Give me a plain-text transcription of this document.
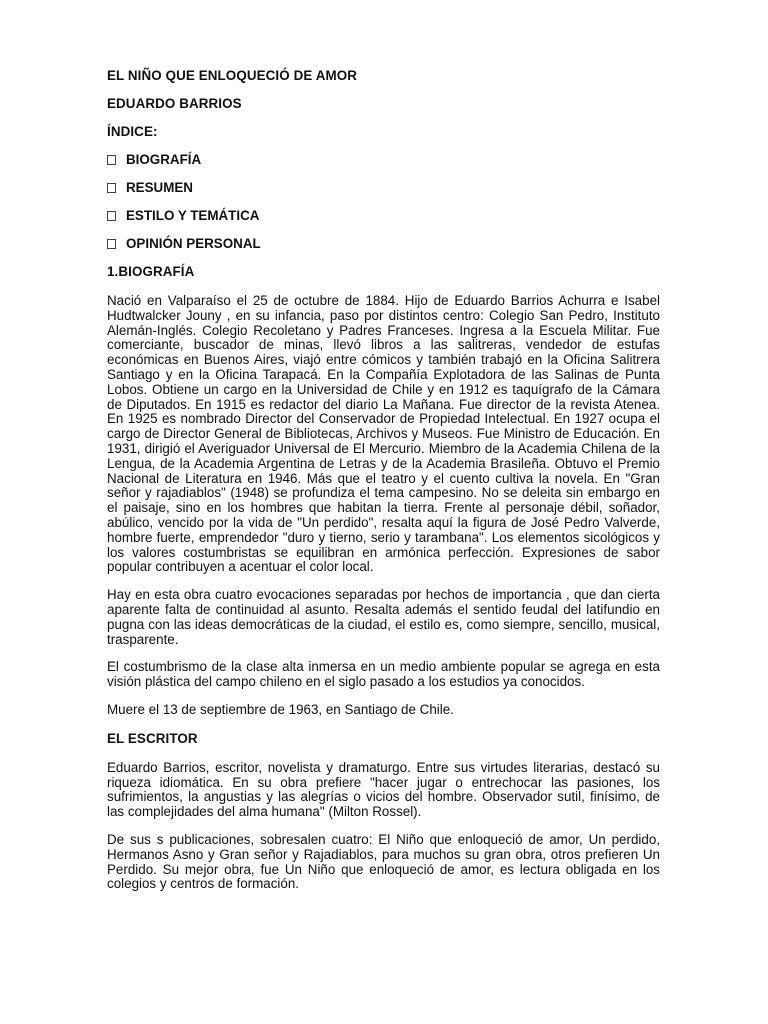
EL NIÑO QUE ENLOQUECIÓ DE AMOR
EDUARDO BARRIOS
ÍNDICE:
BIOGRAFÍA
RESUMEN
ESTILO Y TEMÁTICA
OPINIÓN PERSONAL
1.BIOGRAFÍA

Nació en Valparaíso el 25 de octubre de 1884. Hijo de Eduardo Barrios Achurra e Isabel Hudtwalcker Jouny , en su infancia, paso por distintos centro: Colegio San Pedro, Instituto Alemán-Inglés. Colegio Recoletano y Padres Franceses. Ingresa a la Escuela Militar. Fue comerciante, buscador de minas, llevó libros a las salitreras, vendedor de estufas económicas en Buenos Aires, viajó entre cómicos y también trabajó en la Oficina Salitrera Santiago y en la Oficina Tarapacá. En la Compañía Explotadora de las Salinas de Punta Lobos. Obtiene un cargo en la Universidad de Chile y en 1912 es taquígrafo de la Cámara de Diputados. En 1915 es redactor del diario La Mañana. Fue director de la revista Atenea. En 1925 es nombrado Director del Conservador de Propiedad Intelectual. En 1927 ocupa el cargo de Director General de Bibliotecas, Archivos y Museos. Fue Ministro de Educación. En 1931, dirigió el Averiguador Universal de El Mercurio. Miembro de la Academia Chilena de la Lengua, de la Academia Argentina de Letras y de la Academia Brasileña. Obtuvo el Premio Nacional de Literatura en 1946. Más que el teatro y el cuento cultiva la novela. En "Gran señor y rajadiablos" (1948) se profundiza el tema campesino. No se deleita sin embargo en el paisaje, sino en los hombres que habitan la tierra. Frente al personaje débil, soñador, abúlico, vencido por la vida de "Un perdido", resalta aquí la figura de José Pedro Valverde, hombre fuerte, emprendedor "duro y tierno, serio y tarambana". Los elementos sicológicos y los valores costumbristas se equilibran en armónica perfección. Expresiones de sabor popular contribuyen a acentuar el color local.

Hay en esta obra cuatro evocaciones separadas por hechos de importancia , que dan cierta aparente falta de continuidad al asunto. Resalta además el sentido feudal del latifundio en pugna con las ideas democráticas de la ciudad, el estilo es, como siempre, sencillo, musical, trasparente.

El costumbrismo de la clase alta inmersa en un medio ambiente popular se agrega en esta visión plástica del campo chileno en el siglo pasado a los estudios ya conocidos.

Muere el 13 de septiembre de 1963, en Santiago de Chile.

EL ESCRITOR

Eduardo Barrios, escritor, novelista y dramaturgo. Entre sus virtudes literarias, destacó su riqueza idiomática. En su obra prefiere "hacer jugar o entrechocar las pasiones, los sufrimientos, la angustias y las alegrías o vicios del hombre. Observador sutil, finísimo, de las complejidades del alma humana" (Milton Rossel).

De sus s publicaciones, sobresalen cuatro: El Niño que enloqueció de amor, Un perdido, Hermanos Asno y Gran señor y Rajadiablos, para muchos su gran obra, otros prefieren Un Perdido. Su mejor obra, fue Un Niño que enloqueció de amor, es lectura obligada en los colegios y centros de formación.
